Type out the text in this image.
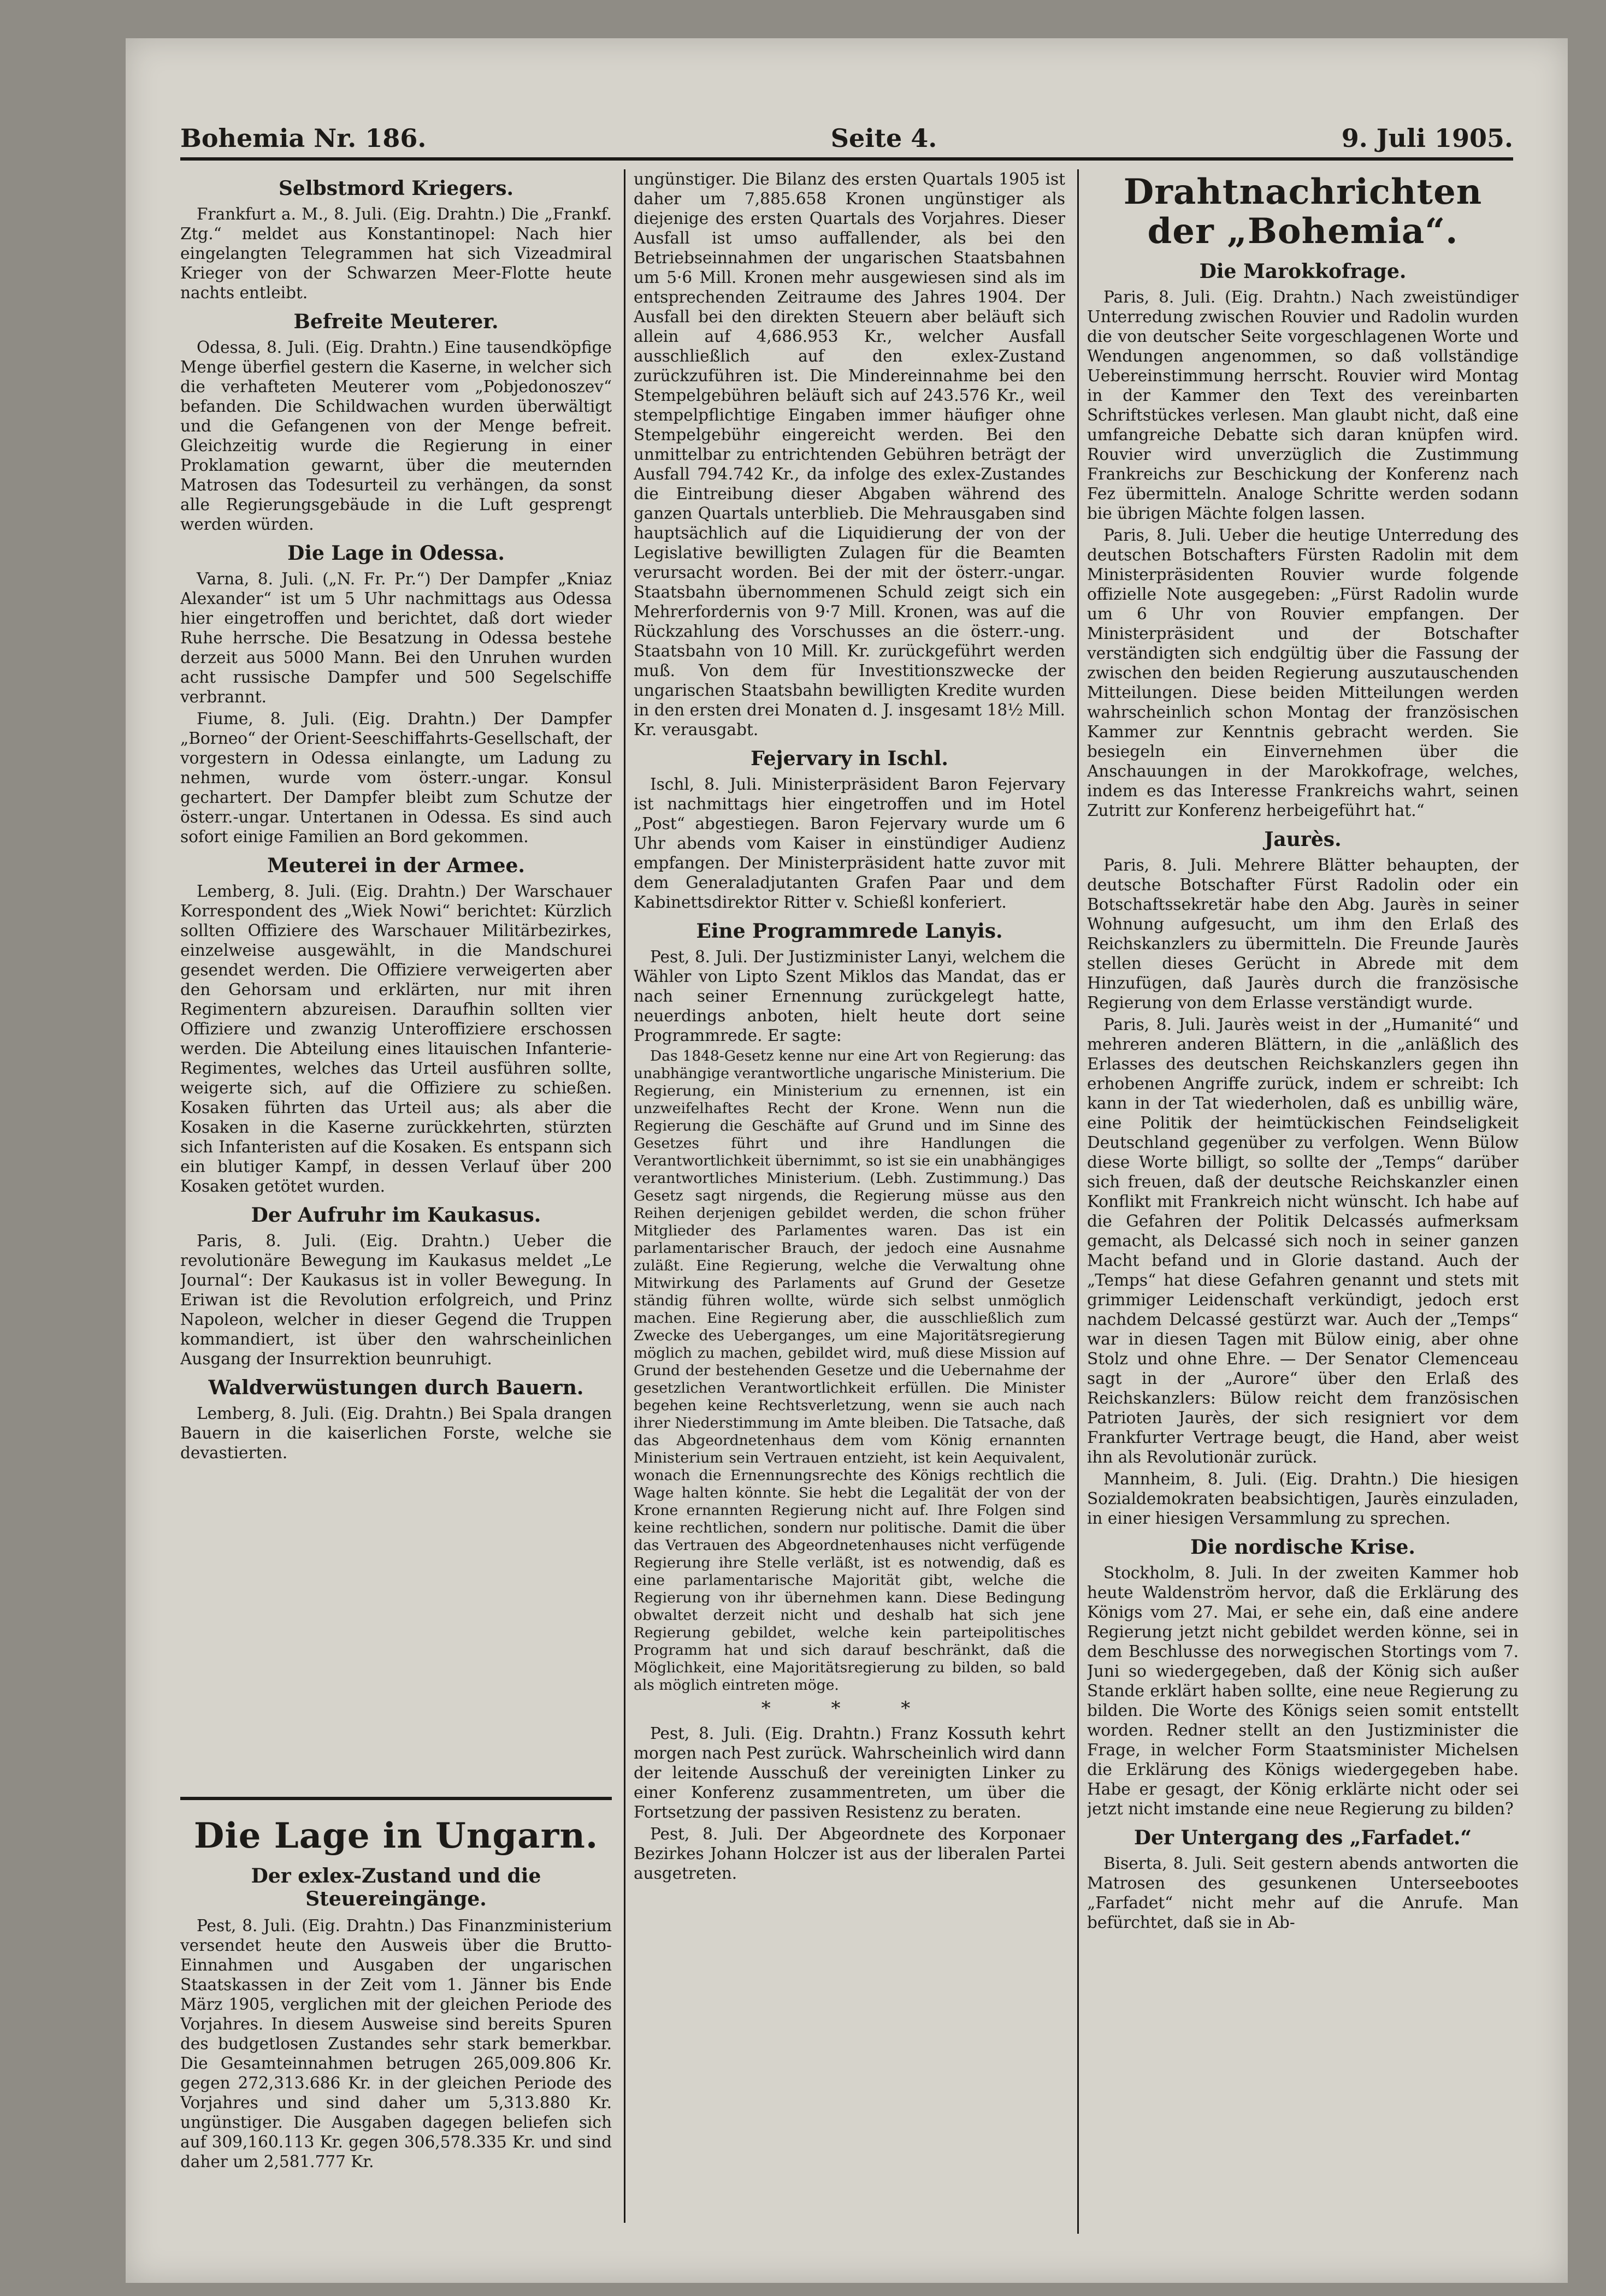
Bohemia Nr. 186.	Seite 4.	9. Juli 1905.
Selbstmord Kriegers.

Frankfurt a. M., 8. Juli. (Eig. Drahtn.) Die „Frankf. Ztg.“ meldet aus Konstantinopel: Nach hier eingelangten Telegrammen hat sich Vizeadmiral Krieger von der Schwarzen Meer-Flotte heute nachts entleibt.

Befreite Meuterer.

Odessa, 8. Juli. (Eig. Drahtn.) Eine tausendköpfige Menge überfiel gestern die Kaserne, in welcher sich die verhafteten Meuterer vom „Pobjedonoszev“ befanden. Die Schildwachen wurden überwältigt und die Gefangenen von der Menge befreit. Gleichzeitig wurde die Regierung in einer Proklamation gewarnt, über die meuternden Matrosen das Todesurteil zu verhängen, da sonst alle Regierungsgebäude in die Luft gesprengt werden würden.

Die Lage in Odessa.

Varna, 8. Juli. („N. Fr. Pr.“) Der Dampfer „Kniaz Alexander“ ist um 5 Uhr nachmittags aus Odessa hier eingetroffen und berichtet, daß dort wieder Ruhe herrsche. Die Besatzung in Odessa bestehe derzeit aus 5000 Mann. Bei den Unruhen wurden acht russische Dampfer und 500 Segelschiffe verbrannt.

Fiume, 8. Juli. (Eig. Drahtn.) Der Dampfer „Borneo“ der Orient-Seeschiffahrts-Gesellschaft, der vorgestern in Odessa einlangte, um Ladung zu nehmen, wurde vom österr.-ungar. Konsul gechartert. Der Dampfer bleibt zum Schutze der österr.-ungar. Untertanen in Odessa. Es sind auch sofort einige Familien an Bord gekommen.

Meuterei in der Armee.

Lemberg, 8. Juli. (Eig. Drahtn.) Der Warschauer Korrespondent des „Wiek Nowi“ berichtet: Kürzlich sollten Offiziere des Warschauer Militärbezirkes, einzelweise ausgewählt, in die Mandschurei gesendet werden. Die Offiziere verweigerten aber den Gehorsam und erklärten, nur mit ihren Regimentern abzureisen. Daraufhin sollten vier Offiziere und zwanzig Unteroffiziere erschossen werden. Die Abteilung eines litauischen Infanterie-Regimentes, welches das Urteil ausführen sollte, weigerte sich, auf die Offiziere zu schießen. Kosaken führten das Urteil aus; als aber die Kosaken in die Kaserne zurückkehrten, stürzten sich Infanteristen auf die Kosaken. Es entspann sich ein blutiger Kampf, in dessen Verlauf über 200 Kosaken getötet wurden.

Der Aufruhr im Kaukasus.

Paris, 8. Juli. (Eig. Drahtn.) Ueber die revolutionäre Bewegung im Kaukasus meldet „Le Journal“: Der Kaukasus ist in voller Bewegung. In Eriwan ist die Revolution erfolgreich, und Prinz Napoleon, welcher in dieser Gegend die Truppen kommandiert, ist über den wahrscheinlichen Ausgang der Insurrektion beunruhigt.

Waldverwüstungen durch Bauern.

Lemberg, 8. Juli. (Eig. Drahtn.) Bei Spala drangen Bauern in die kaiserlichen Forste, welche sie devastierten.

Die Lage in Ungarn.
Der exlex-Zustand und die Steuereingänge.

Pest, 8. Juli. (Eig. Drahtn.) Das Finanzministerium versendet heute den Ausweis über die Brutto-Einnahmen und Ausgaben der ungarischen Staatskassen in der Zeit vom 1. Jänner bis Ende März 1905, verglichen mit der gleichen Periode des Vorjahres. In diesem Ausweise sind bereits Spuren des budgetlosen Zustandes sehr stark bemerkbar. Die Gesamteinnahmen betrugen 265,009.806 Kr. gegen 272,313.686 Kr. in der gleichen Periode des Vorjahres und sind daher um 5,313.880 Kr. ungünstiger. Die Ausgaben dagegen beliefen sich auf 309,160.113 Kr. gegen 306,578.335 Kr. und sind daher um 2,581.777 Kr.

ungünstiger. Die Bilanz des ersten Quartals 1905 ist daher um 7,885.658 Kronen ungünstiger als diejenige des ersten Quartals des Vorjahres. Dieser Ausfall ist umso auffallender, als bei den Betriebseinnahmen der ungarischen Staatsbahnen um 5·6 Mill. Kronen mehr ausgewiesen sind als im entsprechenden Zeitraume des Jahres 1904. Der Ausfall bei den direkten Steuern aber beläuft sich allein auf 4,686.953 Kr., welcher Ausfall ausschließlich auf den exlex-Zustand zurückzuführen ist. Die Mindereinnahme bei den Stempelgebühren beläuft sich auf 243.576 Kr., weil stempelpflichtige Eingaben immer häufiger ohne Stempelgebühr eingereicht werden. Bei den unmittelbar zu entrichtenden Gebühren beträgt der Ausfall 794.742 Kr., da infolge des exlex-Zustandes die Eintreibung dieser Abgaben während des ganzen Quartals unterblieb. Die Mehrausgaben sind hauptsächlich auf die Liquidierung der von der Legislative bewilligten Zulagen für die Beamten verursacht worden. Bei der mit der österr.-ungar. Staatsbahn übernommenen Schuld zeigt sich ein Mehrerfordernis von 9·7 Mill. Kronen, was auf die Rückzahlung des Vorschusses an die österr.-ung. Staatsbahn von 10 Mill. Kr. zurückgeführt werden muß. Von dem für Investitionszwecke der ungarischen Staatsbahn bewilligten Kredite wurden in den ersten drei Monaten d. J. insgesamt 18½ Mill. Kr. verausgabt.

Fejervary in Ischl.

Ischl, 8. Juli. Ministerpräsident Baron Fejervary ist nachmittags hier eingetroffen und im Hotel „Post“ abgestiegen. Baron Fejervary wurde um 6 Uhr abends vom Kaiser in einstündiger Audienz empfangen. Der Ministerpräsident hatte zuvor mit dem Generaladjutanten Grafen Paar und dem Kabinettsdirektor Ritter v. Schießl konferiert.

Eine Programmrede Lanyis.

Pest, 8. Juli. Der Justizminister Lanyi, welchem die Wähler von Lipto Szent Miklos das Mandat, das er nach seiner Ernennung zurückgelegt hatte, neuerdings anboten, hielt heute dort seine Programmrede. Er sagte:

Das 1848-Gesetz kenne nur eine Art von Regierung: das unabhängige verantwortliche ungarische Ministerium. Die Regierung, ein Ministerium zu ernennen, ist ein unzweifelhaftes Recht der Krone. Wenn nun die Regierung die Geschäfte auf Grund und im Sinne des Gesetzes führt und ihre Handlungen die Verantwortlichkeit übernimmt, so ist sie ein unabhängiges verantwortliches Ministerium. (Lebh. Zustimmung.) Das Gesetz sagt nirgends, die Regierung müsse aus den Reihen derjenigen gebildet werden, die schon früher Mitglieder des Parlamentes waren. Das ist ein parlamentarischer Brauch, der jedoch eine Ausnahme zuläßt. Eine Regierung, welche die Verwaltung ohne Mitwirkung des Parlaments auf Grund der Gesetze ständig führen wollte, würde sich selbst unmöglich machen. Eine Regierung aber, die ausschließlich zum Zwecke des Ueberganges, um eine Majoritätsregierung möglich zu machen, gebildet wird, muß diese Mission auf Grund der bestehenden Gesetze und die Uebernahme der gesetzlichen Verantwortlichkeit erfüllen. Die Minister begehen keine Rechtsverletzung, wenn sie auch nach ihrer Niederstimmung im Amte bleiben. Die Tatsache, daß das Abgeordnetenhaus dem vom König ernannten Ministerium sein Vertrauen entzieht, ist kein Aequivalent, wonach die Ernennungsrechte des Königs rechtlich die Wage halten könnte. Sie hebt die Legalität der von der Krone ernannten Regierung nicht auf. Ihre Folgen sind keine rechtlichen, sondern nur politische. Damit die über das Vertrauen des Abgeordnetenhauses nicht verfügende Regierung ihre Stelle verläßt, ist es notwendig, daß es eine parlamentarische Majorität gibt, welche die Regierung von ihr übernehmen kann. Diese Bedingung obwaltet derzeit nicht und deshalb hat sich jene Regierung gebildet, welche kein parteipolitisches Programm hat und sich darauf beschränkt, daß die Möglichkeit, eine Majoritätsregierung zu bilden, so bald als möglich eintreten möge.

* * *

Pest, 8. Juli. (Eig. Drahtn.) Franz Kossuth kehrt morgen nach Pest zurück. Wahrscheinlich wird dann der leitende Ausschuß der vereinigten Linker zu einer Konferenz zusammentreten, um über die Fortsetzung der passiven Resistenz zu beraten.

Pest, 8. Juli. Der Abgeordnete des Korponaer Bezirkes Johann Holczer ist aus der liberalen Partei ausgetreten.

Drahtnachrichten der „Bohemia“.
Die Marokkofrage.

Paris, 8. Juli. (Eig. Drahtn.) Nach zweistündiger Unterredung zwischen Rouvier und Radolin wurden die von deutscher Seite vorgeschlagenen Worte und Wendungen angenommen, so daß vollständige Uebereinstimmung herrscht. Rouvier wird Montag in der Kammer den Text des vereinbarten Schriftstückes verlesen. Man glaubt nicht, daß eine umfangreiche Debatte sich daran knüpfen wird. Rouvier wird unverzüglich die Zustimmung Frankreichs zur Beschickung der Konferenz nach Fez übermitteln. Analoge Schritte werden sodann bie übrigen Mächte folgen lassen.

Paris, 8. Juli. Ueber die heutige Unterredung des deutschen Botschafters Fürsten Radolin mit dem Ministerpräsidenten Rouvier wurde folgende offizielle Note ausgegeben: „Fürst Radolin wurde um 6 Uhr von Rouvier empfangen. Der Ministerpräsident und der Botschafter verständigten sich endgültig über die Fassung der zwischen den beiden Regierung auszutauschenden Mitteilungen. Diese beiden Mitteilungen werden wahrscheinlich schon Montag der französischen Kammer zur Kenntnis gebracht werden. Sie besiegeln ein Einvernehmen über die Anschauungen in der Marokkofrage, welches, indem es das Interesse Frankreichs wahrt, seinen Zutritt zur Konferenz herbeigeführt hat.“

Jaurès.

Paris, 8. Juli. Mehrere Blätter behaupten, der deutsche Botschafter Fürst Radolin oder ein Botschaftssekretär habe den Abg. Jaurès in seiner Wohnung aufgesucht, um ihm den Erlaß des Reichskanzlers zu übermitteln. Die Freunde Jaurès stellen dieses Gerücht in Abrede mit dem Hinzufügen, daß Jaurès durch die französische Regierung von dem Erlasse verständigt wurde.

Paris, 8. Juli. Jaurès weist in der „Humanité“ und mehreren anderen Blättern, in die „anläßlich des Erlasses des deutschen Reichskanzlers gegen ihn erhobenen Angriffe zurück, indem er schreibt: Ich kann in der Tat wiederholen, daß es unbillig wäre, eine Politik der heimtückischen Feindseligkeit Deutschland gegenüber zu verfolgen. Wenn Bülow diese Worte billigt, so sollte der „Temps“ darüber sich freuen, daß der deutsche Reichskanzler einen Konflikt mit Frankreich nicht wünscht. Ich habe auf die Gefahren der Politik Delcassés aufmerksam gemacht, als Delcassé sich noch in seiner ganzen Macht befand und in Glorie dastand. Auch der „Temps“ hat diese Gefahren genannt und stets mit grimmiger Leidenschaft verkündigt, jedoch erst nachdem Delcassé gestürzt war. Auch der „Temps“ war in diesen Tagen mit Bülow einig, aber ohne Stolz und ohne Ehre. — Der Senator Clemenceau sagt in der „Aurore“ über den Erlaß des Reichskanzlers: Bülow reicht dem französischen Patrioten Jaurès, der sich resigniert vor dem Frankfurter Vertrage beugt, die Hand, aber weist ihn als Revolutionär zurück.

Mannheim, 8. Juli. (Eig. Drahtn.) Die hiesigen Sozialdemokraten beabsichtigen, Jaurès einzuladen, in einer hiesigen Versammlung zu sprechen.

Die nordische Krise.

Stockholm, 8. Juli. In der zweiten Kammer hob heute Waldenström hervor, daß die Erklärung des Königs vom 27. Mai, er sehe ein, daß eine andere Regierung jetzt nicht gebildet werden könne, sei in dem Beschlusse des norwegischen Stortings vom 7. Juni so wiedergegeben, daß der König sich außer Stande erklärt haben sollte, eine neue Regierung zu bilden. Die Worte des Königs seien somit entstellt worden. Redner stellt an den Justizminister die Frage, in welcher Form Staatsminister Michelsen die Erklärung des Königs wiedergegeben habe. Habe er gesagt, der König erklärte nicht oder sei jetzt nicht imstande eine neue Regierung zu bilden?

Der Untergang des „Farfadet.“

Biserta, 8. Juli. Seit gestern abends antworten die Matrosen des gesunkenen Unterseebootes „Farfadet“ nicht mehr auf die Anrufe. Man befürchtet, daß sie in Ab-
